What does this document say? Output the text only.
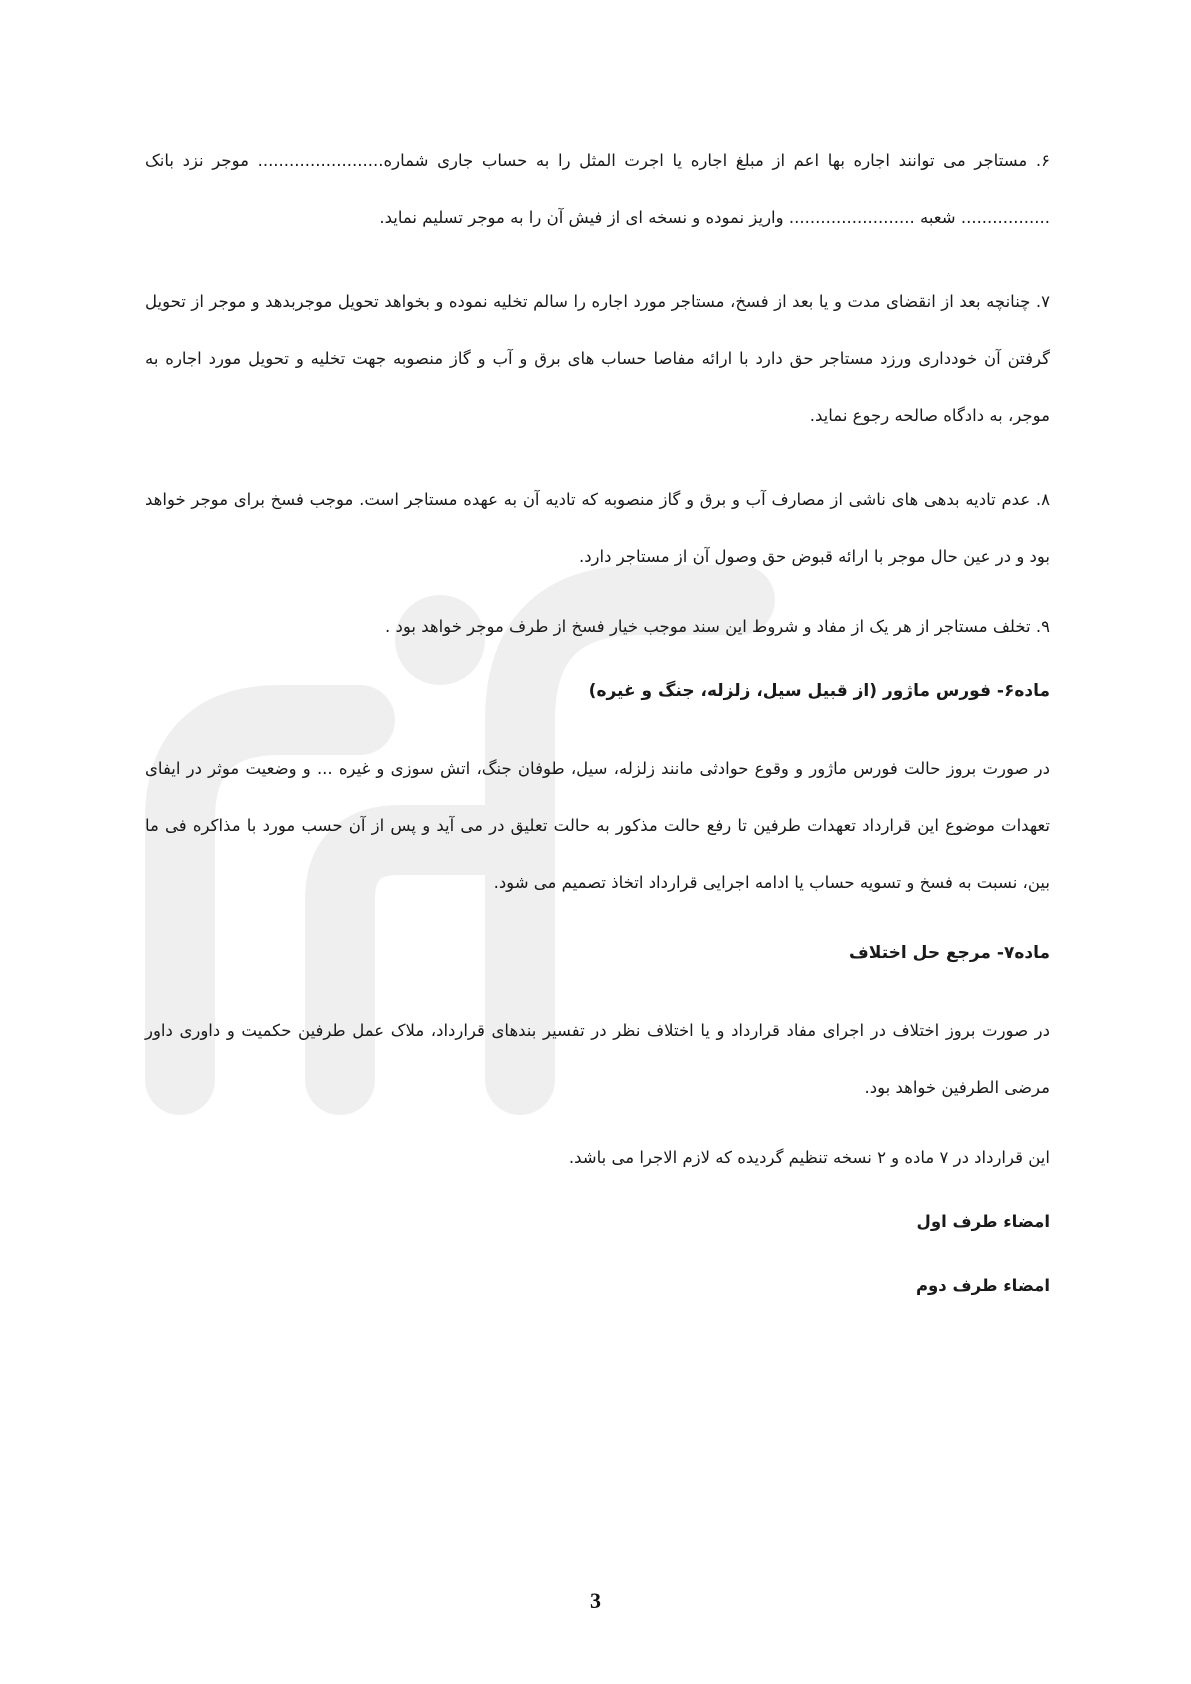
۶. مستاجر می توانند اجاره بها اعم از مبلغ اجاره یا اجرت المثل را به حساب جاری شماره........................ موجر نزد بانک ................. شعبه ........................ واریز نموده و نسخه ای از فیش آن را به موجر تسلیم نماید.

۷. چنانچه بعد از انقضای مدت و یا بعد از فسخ، مستاجر مورد اجاره را سالم تخلیه نموده و بخواهد تحویل موجربدهد و موجر از تحویل گرفتن آن خودداری ورزد مستاجر حق دارد با ارائه مفاصا حساب های برق و آب و گاز منصوبه جهت تخلیه و تحویل مورد اجاره به موجر، به دادگاه صالحه رجوع نماید.

۸. عدم تادیه بدهی های ناشی از مصارف آب و برق و گاز منصوبه که تادیه آن به عهده مستاجر است. موجب فسخ برای موجر خواهد بود و در عین حال موجر با ارائه قبوض حق وصول آن از مستاجر دارد.

۹. تخلف مستاجر از هر یک از مفاد و شروط این سند موجب خیار فسخ از طرف موجر خواهد بود .

ماده۶- فورس ماژور (از قبیل سیل، زلزله، جنگ و غیره)

در صورت بروز حالت فورس ماژور و وقوع حوادثی مانند زلزله، سیل، طوفان جنگ، اتش سوزی و غیره ... و وضعیت موثر در ایفای تعهدات موضوع این قرارداد تعهدات طرفین تا رفع حالت مذکور به حالت تعلیق در می آید و پس از آن حسب مورد با مذاکره فی ما بین، نسبت به فسخ و تسویه حساب یا ادامه اجرایی قرارداد اتخاذ تصمیم می شود.

ماده۷- مرجع حل اختلاف

در صورت بروز اختلاف در اجرای مفاد قرارداد و یا اختلاف نظر در تفسیر بندهای قرارداد، ملاک عمل طرفین حکمیت و داوری داور مرضی الطرفین خواهد بود.

این قرارداد در ۷ ماده و ۲ نسخه تنظیم گردیده که لازم الاجرا می باشد.

امضاء طرف اول

امضاء طرف دوم

3
